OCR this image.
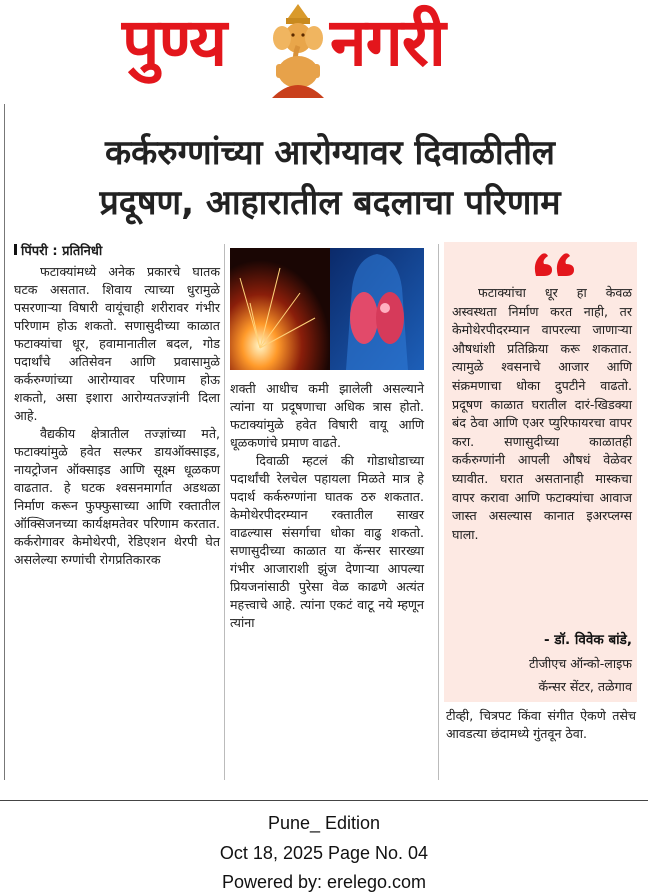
पुण्य नगरी
कर्करुग्णांच्या आरोग्यावर दिवाळीतील
प्रदूषण, आहारातील बदलाचा परिणाम
पिंपरी : प्रतिनिधी

फटाक्यांमध्ये अनेक प्रकारचे घातक घटक असतात. शिवाय त्याच्या धुरामुळे पसरणाऱ्या विषारी वायूंचाही शरीरावर गंभीर परिणाम होऊ शकतो. सणासुदीच्या काळात फटाक्यांचा धूर, हवामानातील बदल, गोड पदार्थांचे अतिसेवन आणि प्रवासामुळे कर्करुग्णांच्या आरोग्यावर परिणाम होऊ शकतो, असा इशारा आरोग्यतज्ज्ञांनी दिला आहे.

वैद्यकीय क्षेत्रातील तज्ज्ञांच्या मते, फटाक्यांमुळे हवेत सल्फर डायऑक्साइड, नायट्रोजन ऑक्साइड आणि सूक्ष्म धूळकण वाढतात. हे घटक श्वसनमार्गात अडथळा निर्माण करून फुफ्फुसाच्या आणि रक्तातील ऑक्सिजनच्या कार्यक्षमतेवर परिणाम करतात. कर्करोगावर केमोथेरपी, रेडिएशन थेरपी घेत असलेल्या रुग्णांची रोगप्रतिकारक

शक्ती आधीच कमी झालेली असल्याने त्यांना या प्रदूषणाचा अधिक त्रास होतो. फटाक्यांमुळे हवेत विषारी वायू आणि धूळकणांचे प्रमाण वाढते.

दिवाळी म्हटलं की गोडाधोडाच्या पदार्थांची रेलचेल पहायला मिळते मात्र हे पदार्थ कर्करुग्णांना घातक ठरु शकतात. केमोथेरपीदरम्यान रक्तातील साखर वाढल्यास संसर्गाचा धोका वाढु शकतो. सणासुदीच्या काळात या कॅन्सर सारख्या गंभीर आजाराशी झुंज देणाऱ्या आपल्या प्रियजनांसाठी पुरेसा वेळ काढणे अत्यंत महत्त्वाचे आहे. त्यांना एकटं वाटू नये म्हणून त्यांना

फटाक्यांचा धूर हा केवळ अस्वस्थता निर्माण करत नाही, तर केमोथेरपीदरम्यान वापरल्या जाणाऱ्या औषधांशी प्रतिक्रिया करू शकतात. त्यामुळे श्वसनाचे आजार आणि संक्रमणाचा धोका दुपटीने वाढतो. प्रदूषण काळात घरातील दारं-खिडक्या बंद ठेवा आणि एअर प्युरिफायरचा वापर करा. सणासुदीच्या काळातही कर्करुग्णांनी आपली औषधं वेळेवर घ्यावीत. घरात असतानाही मास्कचा वापर करावा आणि फटाक्यांचा आवाज जास्त असल्यास कानात इअरप्लग्स घाला.

- डॉ. विवेक बांडे,
टीजीएच ऑन्को-लाइफ
कॅन्सर सेंटर, तळेगाव

टीव्ही, चित्रपट किंवा संगीत ऐकणे तसेच आवडत्या छंदामध्ये गुंतवून ठेवा.

Pune_ Edition
Oct 18, 2025 Page No. 04
Powered by: erelego.com
